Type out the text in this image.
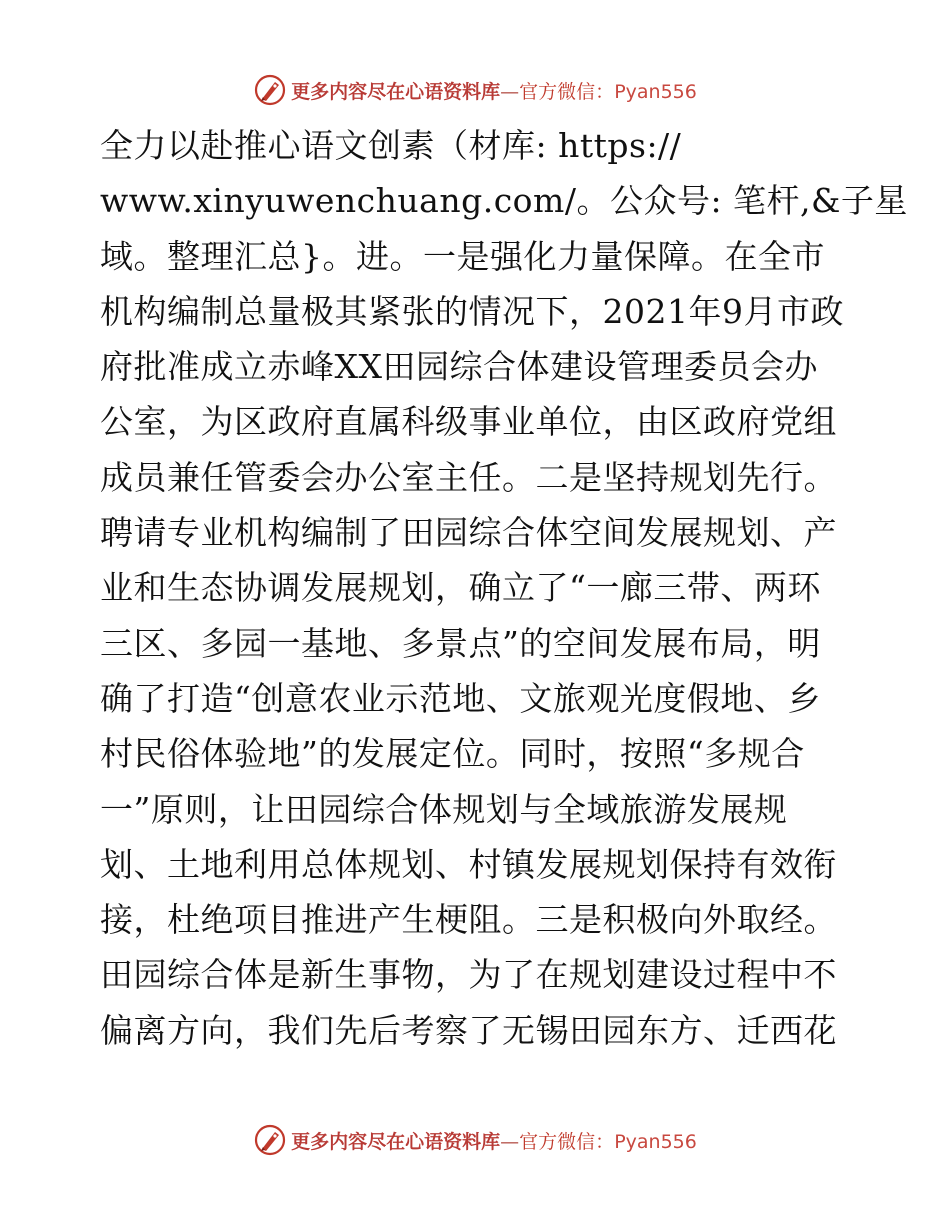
更多内容尽在心语资料库—官方微信：Pyan556
全力以赴推心语文创素（材库: https://
www.xinyuwenchuang.com/。公众号: 笔杆,&子星
域。整理汇总}。进。一是强化力量保障。在全市
机构编制总量极其紧张的情况下，2021年9月市政
府批准成立赤峰XX田园综合体建设管理委员会办
公室，为区政府直属科级事业单位，由区政府党组
成员兼任管委会办公室主任。二是坚持规划先行。
聘请专业机构编制了田园综合体空间发展规划、产
业和生态协调发展规划，确立了“一廊三带、两环
三区、多园一基地、多景点”的空间发展布局，明
确了打造“创意农业示范地、文旅观光度假地、乡
村民俗体验地”的发展定位。同时，按照“多规合
一”原则，让田园综合体规划与全域旅游发展规
划、土地利用总体规划、村镇发展规划保持有效衔
接，杜绝项目推进产生梗阻。三是积极向外取经。
田园综合体是新生事物，为了在规划建设过程中不
偏离方向，我们先后考察了无锡田园东方、迁西花
更多内容尽在心语资料库—官方微信：Pyan556
